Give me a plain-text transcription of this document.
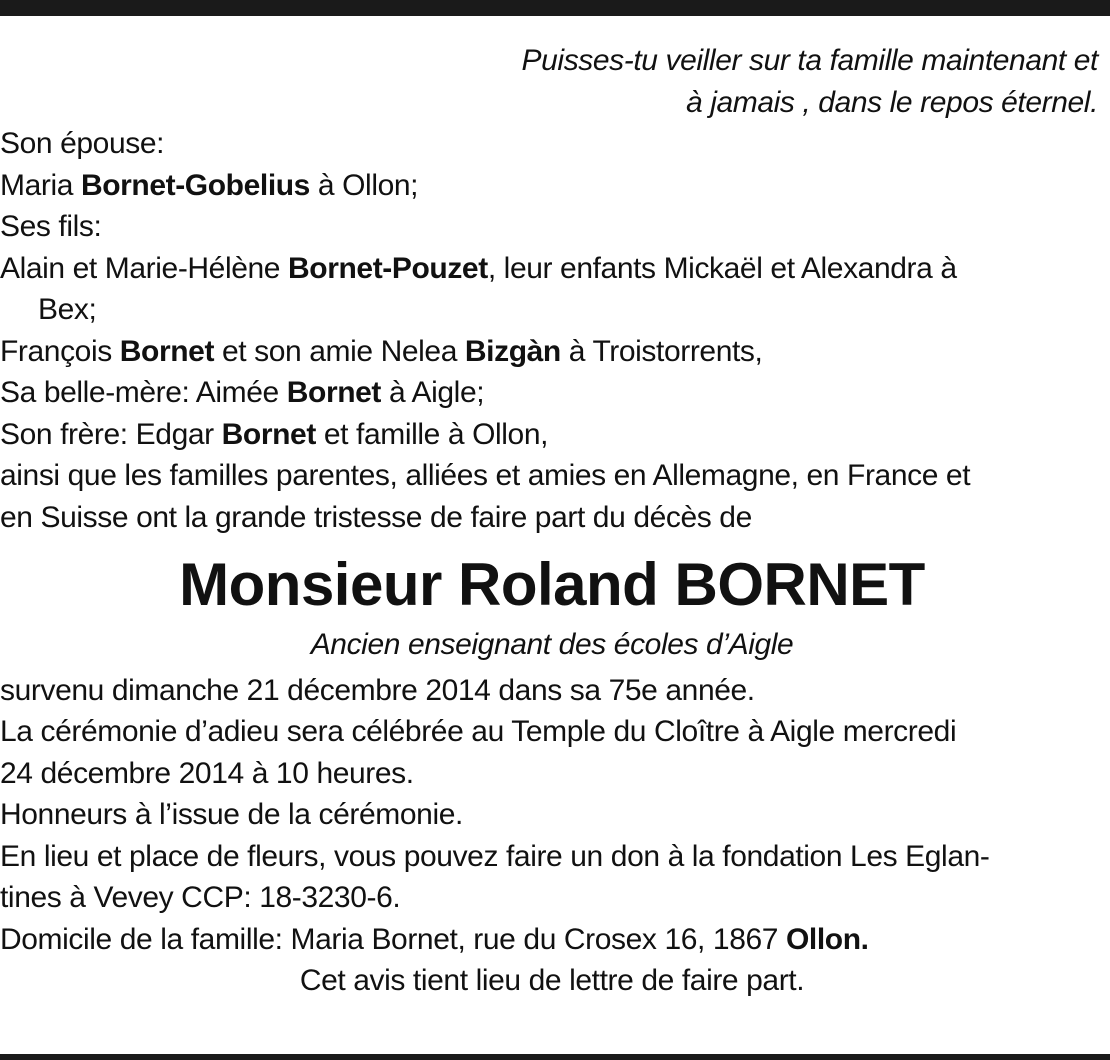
Puisses-tu veiller sur ta famille maintenant et
à jamais , dans le repos éternel.
Son épouse:
Maria Bornet-Gobelius à Ollon;
Ses fils:
Alain et Marie-Hélène Bornet-Pouzet, leur enfants Mickaël et Alexandra à
Bex;
François Bornet et son amie Nelea Bizgàn à Troistorrents,
Sa belle-mère: Aimée Bornet à Aigle;
Son frère: Edgar Bornet et famille à Ollon,
ainsi que les familles parentes, alliées et amies en Allemagne, en France et
en Suisse ont la grande tristesse de faire part du décès de
Monsieur Roland BORNET
Ancien enseignant des écoles d’Aigle
survenu dimanche 21 décembre 2014 dans sa 75e année.
La cérémonie d’adieu sera célébrée au Temple du Cloître à Aigle mercredi
24 décembre 2014 à 10 heures.
Honneurs à l’issue de la cérémonie.
En lieu et place de fleurs, vous pouvez faire un don à la fondation Les Eglan-
tines à Vevey CCP: 18-3230-6.
Domicile de la famille: Maria Bornet, rue du Crosex 16, 1867 Ollon.
Cet avis tient lieu de lettre de faire part.
